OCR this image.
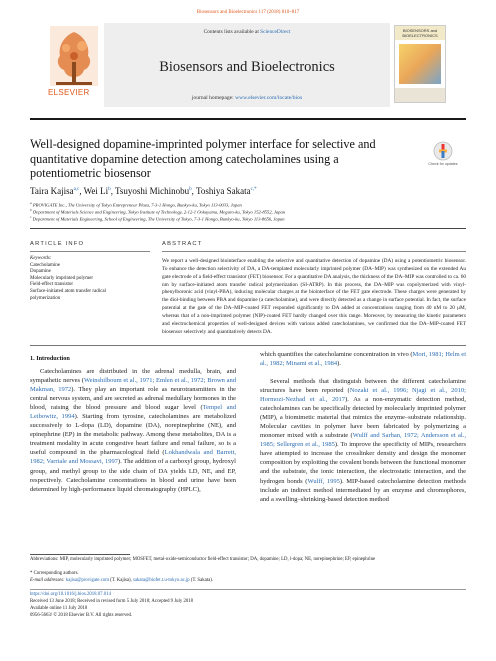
Biosensors and Bioelectronics 117 (2018) 810–817
ELSEVIER
Contents lists available at ScienceDirect
Biosensors and Bioelectronics
journal homepage: www.elsevier.com/locate/bios
BIOSENSORS and BIOELECTRONICS
Well-designed dopamine-imprinted polymer interface for selective and quantitative dopamine detection among catecholamines using a potentiometric biosensor
Check for updates
Taira Kajisa$^{a,c}$, Wei Li$^b$, Tsuyoshi Michinobu$^b$, Toshiya Sakata$^{c,*}$
$^a$ PROVIGATE Inc., The University of Tokyo Entrepreneur Plaza, 7-3-1 Hongo, Bunkyo-ku, Tokyo 113-0033, Japan
$^b$ Department of Materials Science and Engineering, Tokyo Institute of Technology, 2-12-1 Ookayama, Meguro-ku, Tokyo 152-8552, Japan
$^c$ Department of Materials Engineering, School of Engineering, The University of Tokyo, 7-3-1 Hongo, Bunkyo-ku, Tokyo 113-8656, Japan
ARTICLE INFO
Keywords:
Catecholamine
Dopamine
Molecularly imprinted polymer
Field-effect transistor
Surface-initiated atom transfer radical
polymerization
ABSTRACT
We report a well-designed biointerface enabling the selective and quantitative detection of dopamine (DA) using a potentiometric biosensor. To enhance the detection selectivity of DA, a DA-templated molecularly imprinted polymer (DA–MIP) was synthesized on the extended Au gate electrode of a field-effect transistor (FET) biosensor. For a quantitative DA analysis, the thickness of the DA–MIP was controlled to ca. 60 nm by surface-initiated atom transfer radical polymerization (SI-ATRP). In this process, the DA–MIP was copolymerized with vinyl-phenylboronic acid (vinyl-PBA), inducing molecular charges at the biointerface of the FET gate electrode. These charges were generated by the diol-binding between PBA and dopamine (a catecholamine), and were directly detected as a change in surface potential. In fact, the surface potential at the gate of the DA–MIP-coated FET responded significantly to DA added at concentrations ranging from 40 nM to 20 μM, whereas that of a non-imprinted polymer (NIP)-coated FET hardly changed over this range. Moreover, by measuring the kinetic parameters and electrochemical properties of well-designed devices with various added catecholamines, we confirmed that the DA–MIP-coated FET biosensor selectively and quantitatively detects DA.
1. Introduction
Catecholamines are distributed in the adrenal medulla, brain, and sympathetic nerves (Weinshilboum et al., 1971; Emlen et al., 1972; Brown and Makman, 1972). They play an important role as neurotransmitters in the central nervous system, and are secreted as adrenal medullary hormones in the blood, raising the blood pressure and blood sugar level (Tempel and Leibowitz, 1994). Starting from tyrosine, catecholamines are metabolized successively to L-dopa (LD), dopamine (DA), norepinephrine (NE), and epinephrine (EP) in the metabolic pathway. Among these metabolites, DA is a treatment modality in acute congestive heart failure and renal failure, so is a useful compound in the pharmacological field (Lokhandwala and Barrett, 1982; Varriale and Mossavi, 1997). The addition of a carboxyl group, hydroxyl group, and methyl group to the side chain of DA yields LD, NE, and EP, respectively. Catecholamine concentrations in blood and urine have been determined by high-performance liquid chromatography (HPLC),
which quantifies the catecholamine concentration in vivo (Mori, 1981; Helm et al., 1982; Minami et al., 1984).
Several methods that distinguish between the different catecholamine structures have been reported (Nozaki et al., 1996; Njagi et al., 2010; Hormozi-Nezhad et al., 2017). As a non-enzymatic detection method, catecholamines can be specifically detected by molecularly imprinted polymer (MIP), a biomimetic material that mimics the enzyme–substrate relationship. Molecular cavities in polymer have been fabricated by polymerizing a monomer mixed with a substrate (Wulff and Sarhan, 1972; Andersson et al., 1985; Sellergren et al., 1985). To improve the specificity of MIPs, researchers have attempted to increase the crosslinker density and design the monomer composition by exploiting the covalent bonds between the functional monomer and the substrate, the ionic interaction, the electrostatic interaction, and the hydrogen bonds (Wulff, 1995). MIP-based catecholamine detection methods include an indirect method intermediated by an enzyme and chromophores, and a swelling–shrinking-based detection method
Abbreviations: MIP, molecularly imprinted polymer; MOSFET, metal-oxide-semiconductor field-effect transistor; DA, dopamine; LD, l-dopa; NE, norepinephrine; EP, epinephrine
* Corresponding authors.
E-mail addresses: kajisa@provigate.com (T. Kajisa), sakata@biofet.t.u-tokyo.ac.jp (T. Sakata).
https://doi.org/10.1016/j.bios.2018.07.014
Received 13 June 2018; Received in revised form 5 July 2018; Accepted 9 July 2018
Available online 11 July 2018
0956-5663/ © 2018 Elsevier B.V. All rights reserved.
